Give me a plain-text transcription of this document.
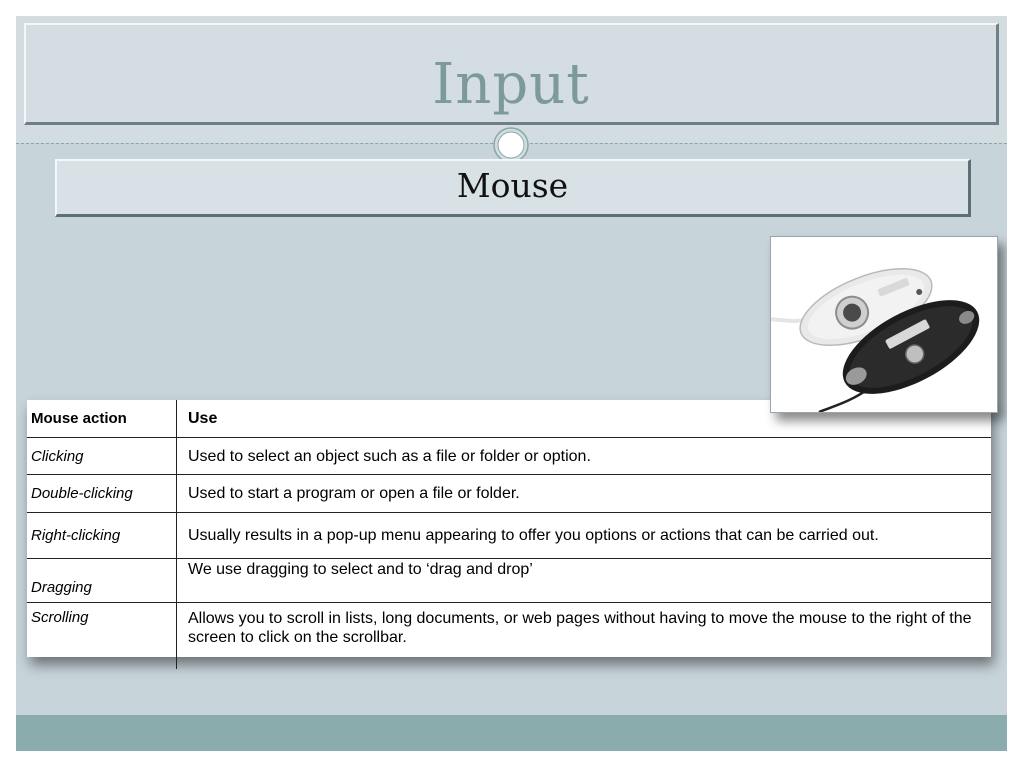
Input
Mouse
Mouse action	Use
Clicking	Used to select an object such as a file or folder or option.
Double-clicking	Used to start a program or open a file or folder.
Right-clicking	Usually results in a pop-up menu appearing to offer you options or actions that can be carried out.
Dragging	We use dragging to select and to ‘drag and drop’
Scrolling	Allows you to scroll in lists, long documents, or web pages without having to move the mouse to the right of the screen to click on the scrollbar.
